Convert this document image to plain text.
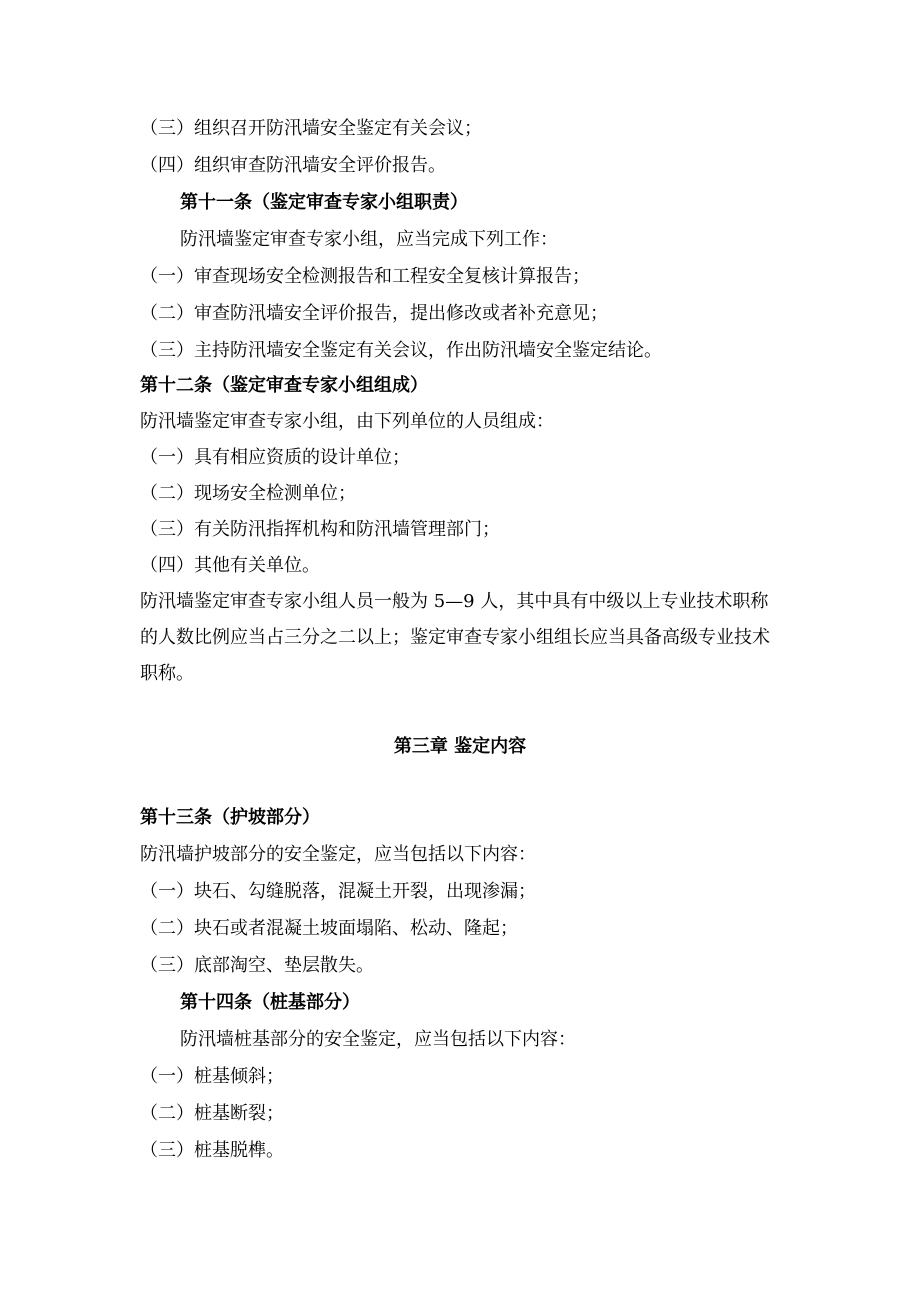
（三）组织召开防汛墙安全鉴定有关会议；
（四）组织审查防汛墙安全评价报告。
第十一条（鉴定审查专家小组职责）
防汛墙鉴定审查专家小组，应当完成下列工作：
（一）审查现场安全检测报告和工程安全复核计算报告；
（二）审查防汛墙安全评价报告，提出修改或者补充意见；
（三）主持防汛墙安全鉴定有关会议，作出防汛墙安全鉴定结论。
第十二条（鉴定审查专家小组组成）
防汛墙鉴定审查专家小组，由下列单位的人员组成：
（一）具有相应资质的设计单位；
（二）现场安全检测单位；
（三）有关防汛指挥机构和防汛墙管理部门；
（四）其他有关单位。
防汛墙鉴定审查专家小组人员一般为 5—9 人，其中具有中级以上专业技术职称
的人数比例应当占三分之二以上；鉴定审查专家小组组长应当具备高级专业技术
职称。
第三章 鉴定内容
第十三条（护坡部分）
防汛墙护坡部分的安全鉴定，应当包括以下内容：
（一）块石、勾缝脱落，混凝土开裂，出现渗漏；
（二）块石或者混凝土坡面塌陷、松动、隆起；
（三）底部淘空、垫层散失。
第十四条（桩基部分）
防汛墙桩基部分的安全鉴定，应当包括以下内容：
（一）桩基倾斜；
（二）桩基断裂；
（三）桩基脱榫。
